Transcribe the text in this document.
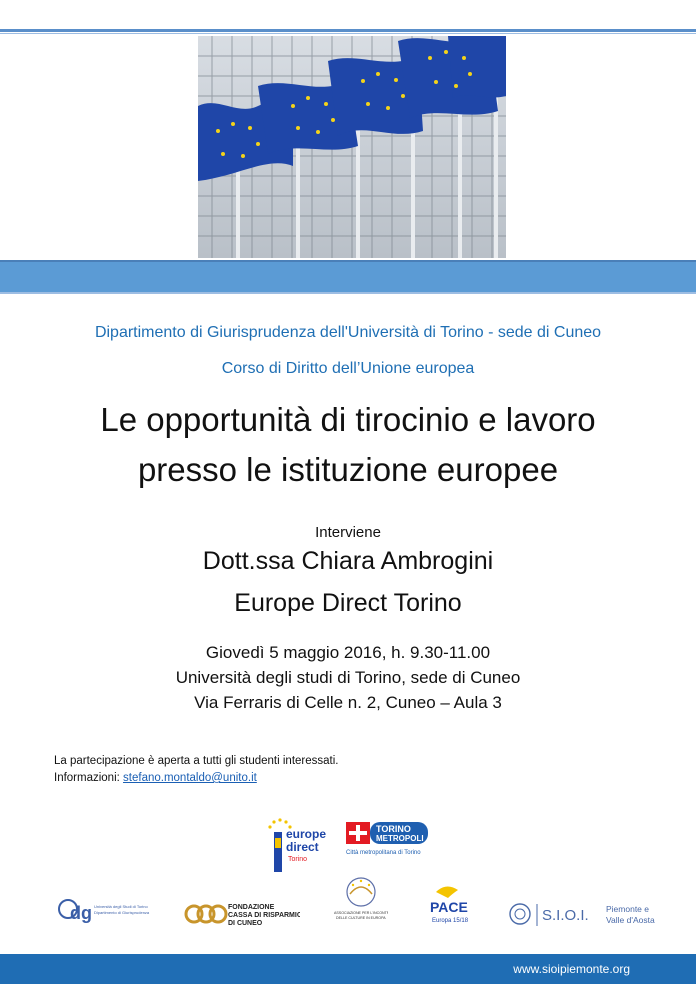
Dipartimento di Giurisprudenza dell'Università di Torino - sede di Cuneo
Corso di Diritto dell’Unione europea
Le opportunità di tirocinio e lavoro
presso le istituzione europee
Interviene
Dott.ssa Chiara Ambrogini
Europe Direct Torino
Giovedì 5 maggio 2016, h. 9.30-11.00
Università degli studi di Torino, sede di Cuneo
Via Ferraris di Celle n. 2, Cuneo – Aula 3
La partecipazione è aperta a tutti gli studenti interessati.
Informazioni: stefano.montaldo@unito.it
europe
direct
Torino
TORINO
METROPOLI
Città metropolitana di Torino
dg Università degli Studi di Torino
Dipartimento di Giurisprudenza
FONDAZIONE
CASSA DI RISPARMIO
DI CUNEO
ASSOCIAZIONE PER L'INCONTRO
DELLE CULTURE IN EUROPA
PACE
Europa 15/18	S.I.O.I. Piemonte e
Valle d'Aosta
www.sioipiemonte.org
